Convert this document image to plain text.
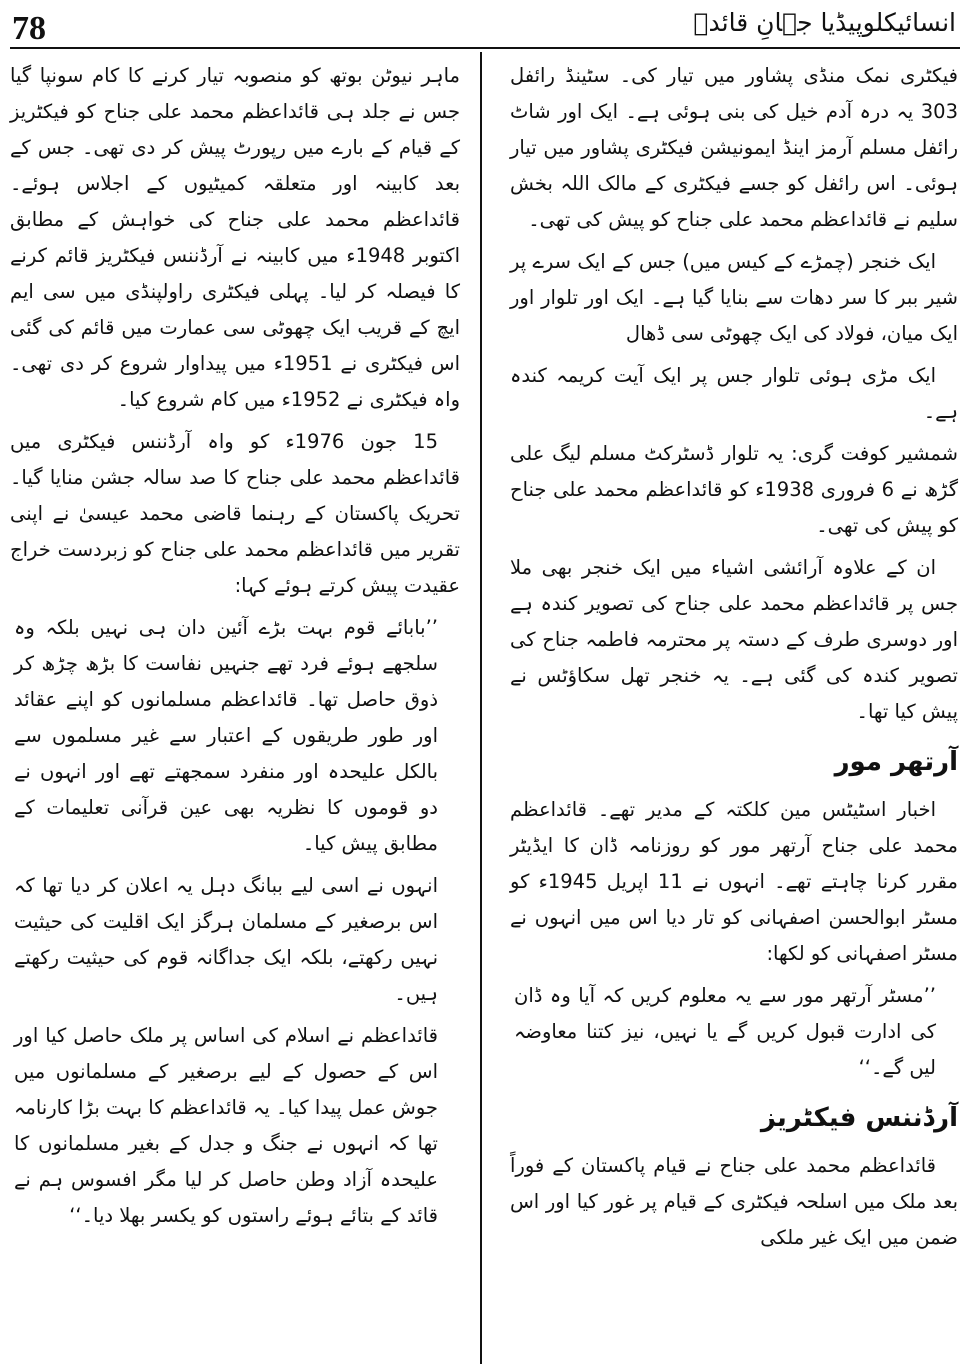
78	انسائیکلوپیڈیا جہانِ قائدؒ

فیکٹری نمک منڈی پشاور میں تیار کی۔ سٹینڈ رائفل 303 یہ درہ آدم خیل کی بنی ہوئی ہے۔ ایک اور شاٹ رائفل مسلم آرمز اینڈ ایمونیشن فیکٹری پشاور میں تیار ہوئی۔ اس رائفل کو جسے فیکٹری کے مالک اللہ بخش سلیم نے قائداعظم محمد علی جناح کو پیش کی تھی۔

ایک خنجر (چمڑے کے کیس میں) جس کے ایک سرے پر شیر ببر کا سر دھات سے بنایا گیا ہے۔ ایک اور تلوار اور ایک میان، فولاد کی ایک چھوٹی سی ڈھال

ایک مڑی ہوئی تلوار جس پر ایک آیت کریمہ کندہ ہے۔

شمشیر کوفت گری: یہ تلوار ڈسٹرکٹ مسلم لیگ علی گڑھ نے 6 فروری 1938ء کو قائداعظم محمد علی جناح کو پیش کی تھی۔

ان کے علاوہ آرائشی اشیاء میں ایک خنجر بھی ملا جس پر قائداعظم محمد علی جناح کی تصویر کندہ ہے اور دوسری طرف کے دستہ پر محترمہ فاطمہ جناح کی تصویر کندہ کی گئی ہے۔ یہ خنجر تھل سکاؤٹس نے پیش کیا تھا۔

آرتھر مور

اخبار اسٹیٹس مین کلکتہ کے مدیر تھے۔ قائداعظم محمد علی جناح آرتھر مور کو روزنامہ ڈان کا ایڈیٹر مقرر کرنا چاہتے تھے۔ انہوں نے 11 اپریل 1945ء کو مسٹر ابوالحسن اصفہانی کو تار دیا اس میں انہوں نے مسٹر اصفہانی کو لکھا:

’’مسٹر آرتھر مور سے یہ معلوم کریں کہ آیا وہ ڈان کی ادارت قبول کریں گے یا نہیں، نیز کتنا معاوضہ لیں گے۔‘‘

آرڈننس فیکٹریز

قائداعظم محمد علی جناح نے قیام پاکستان کے فوراً بعد ملک میں اسلحہ فیکٹری کے قیام پر غور کیا اور اس ضمن میں ایک غیر ملکی

ماہر نیوٹن بوتھ کو منصوبہ تیار کرنے کا کام سونپا گیا جس نے جلد ہی قائداعظم محمد علی جناح کو فیکٹریز کے قیام کے بارے میں رپورٹ پیش کر دی تھی۔ جس کے بعد کابینہ اور متعلقہ کمیٹیوں کے اجلاس ہوئے۔ قائداعظم محمد علی جناح کی خواہش کے مطابق اکتوبر 1948ء میں کابینہ نے آرڈننس فیکٹریز قائم کرنے کا فیصلہ کر لیا۔ پہلی فیکٹری راولپنڈی میں سی ایم ایچ کے قریب ایک چھوٹی سی عمارت میں قائم کی گئی اس فیکٹری نے 1951ء میں پیداوار شروع کر دی تھی۔ واہ فیکٹری نے 1952ء میں کام شروع کیا۔

15 جون 1976ء کو واہ آرڈننس فیکٹری میں قائداعظم محمد علی جناح کا صد سالہ جشن منایا گیا۔ تحریک پاکستان کے رہنما قاضی محمد عیسیٰ نے اپنی تقریر میں قائداعظم محمد علی جناح کو زبردست خراج عقیدت پیش کرتے ہوئے کہا:

’’بابائے قوم بہت بڑے آئین دان ہی نہیں بلکہ وہ سلجھے ہوئے فرد تھے جنہیں نفاست کا بڑھ چڑھ کر ذوق حاصل تھا۔ قائداعظم مسلمانوں کو اپنے عقائد اور طور طریقوں کے اعتبار سے غیر مسلموں سے بالکل علیحدہ اور منفرد سمجھتے تھے اور انہوں نے دو قوموں کا نظریہ بھی عین قرآنی تعلیمات کے مطابق پیش کیا۔

انہوں نے اسی لیے ببانگ دہل یہ اعلان کر دیا تھا کہ اس برصغیر کے مسلمان ہرگز ایک اقلیت کی حیثیت نہیں رکھتے، بلکہ ایک جداگانہ قوم کی حیثیت رکھتے ہیں۔

قائداعظم نے اسلام کی اساس پر ملک حاصل کیا اور اس کے حصول کے لیے برصغیر کے مسلمانوں میں جوش عمل پیدا کیا۔ یہ قائداعظم کا بہت بڑا کارنامہ تھا کہ انہوں نے جنگ و جدل کے بغیر مسلمانوں کا علیحدہ آزاد وطن حاصل کر لیا مگر افسوس ہم نے قائد کے بتائے ہوئے راستوں کو یکسر بھلا دیا۔‘‘
